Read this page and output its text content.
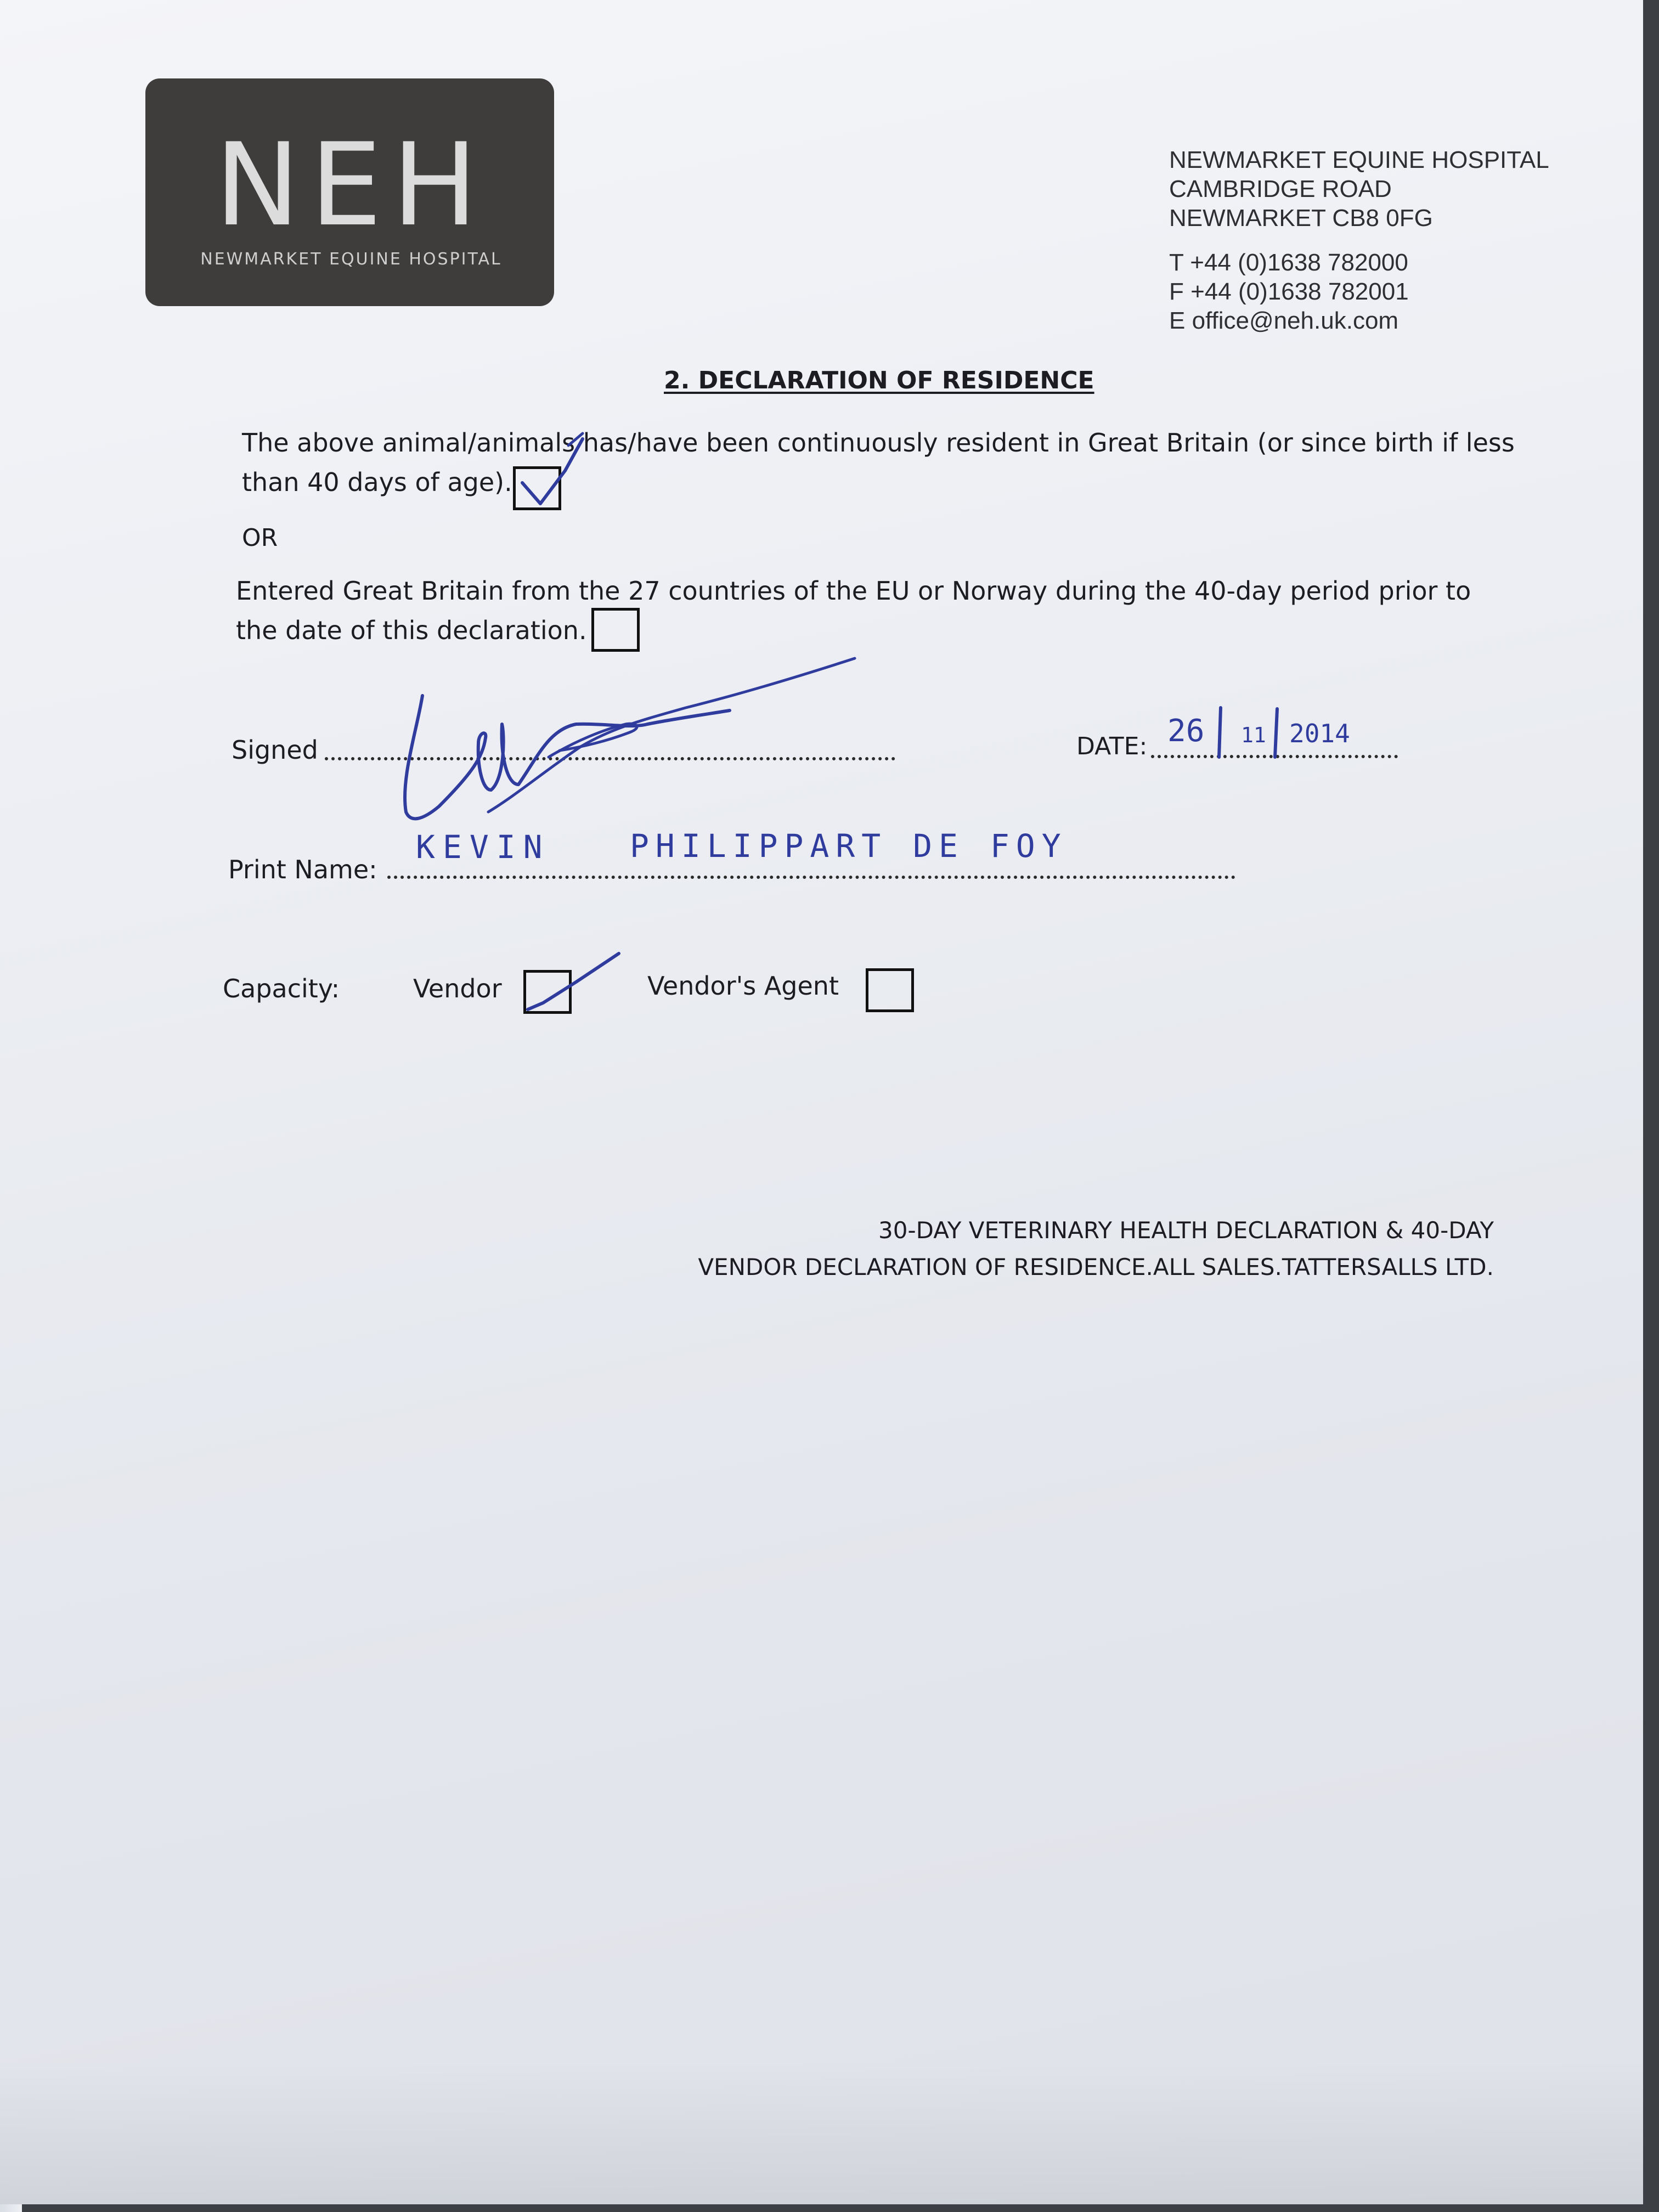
NEH
NEWMARKET EQUINE HOSPITAL
NEWMARKET EQUINE HOSPITAL
CAMBRIDGE ROAD
NEWMARKET CB8 0FG
T +44 (0)1638 782000
F +44 (0)1638 782001
E office@neh.uk.com
2. DECLARATION OF RESIDENCE
The above animal/animals has/have been continuously resident in Great Britain (or since birth if less
than 40 days of age).
OR
Entered Great Britain from the 27 countries of the EU or Norway during the 40-day period prior to
the date of this declaration.
Signed	DATE: 26 11 2014
Print Name:
KEVIN	PHILIPPART DE FOY
Capacity:	Vendor	Vendor's Agent
30-DAY VETERINARY HEALTH DECLARATION & 40-DAY
VENDOR DECLARATION OF RESIDENCE.ALL SALES.TATTERSALLS LTD.
